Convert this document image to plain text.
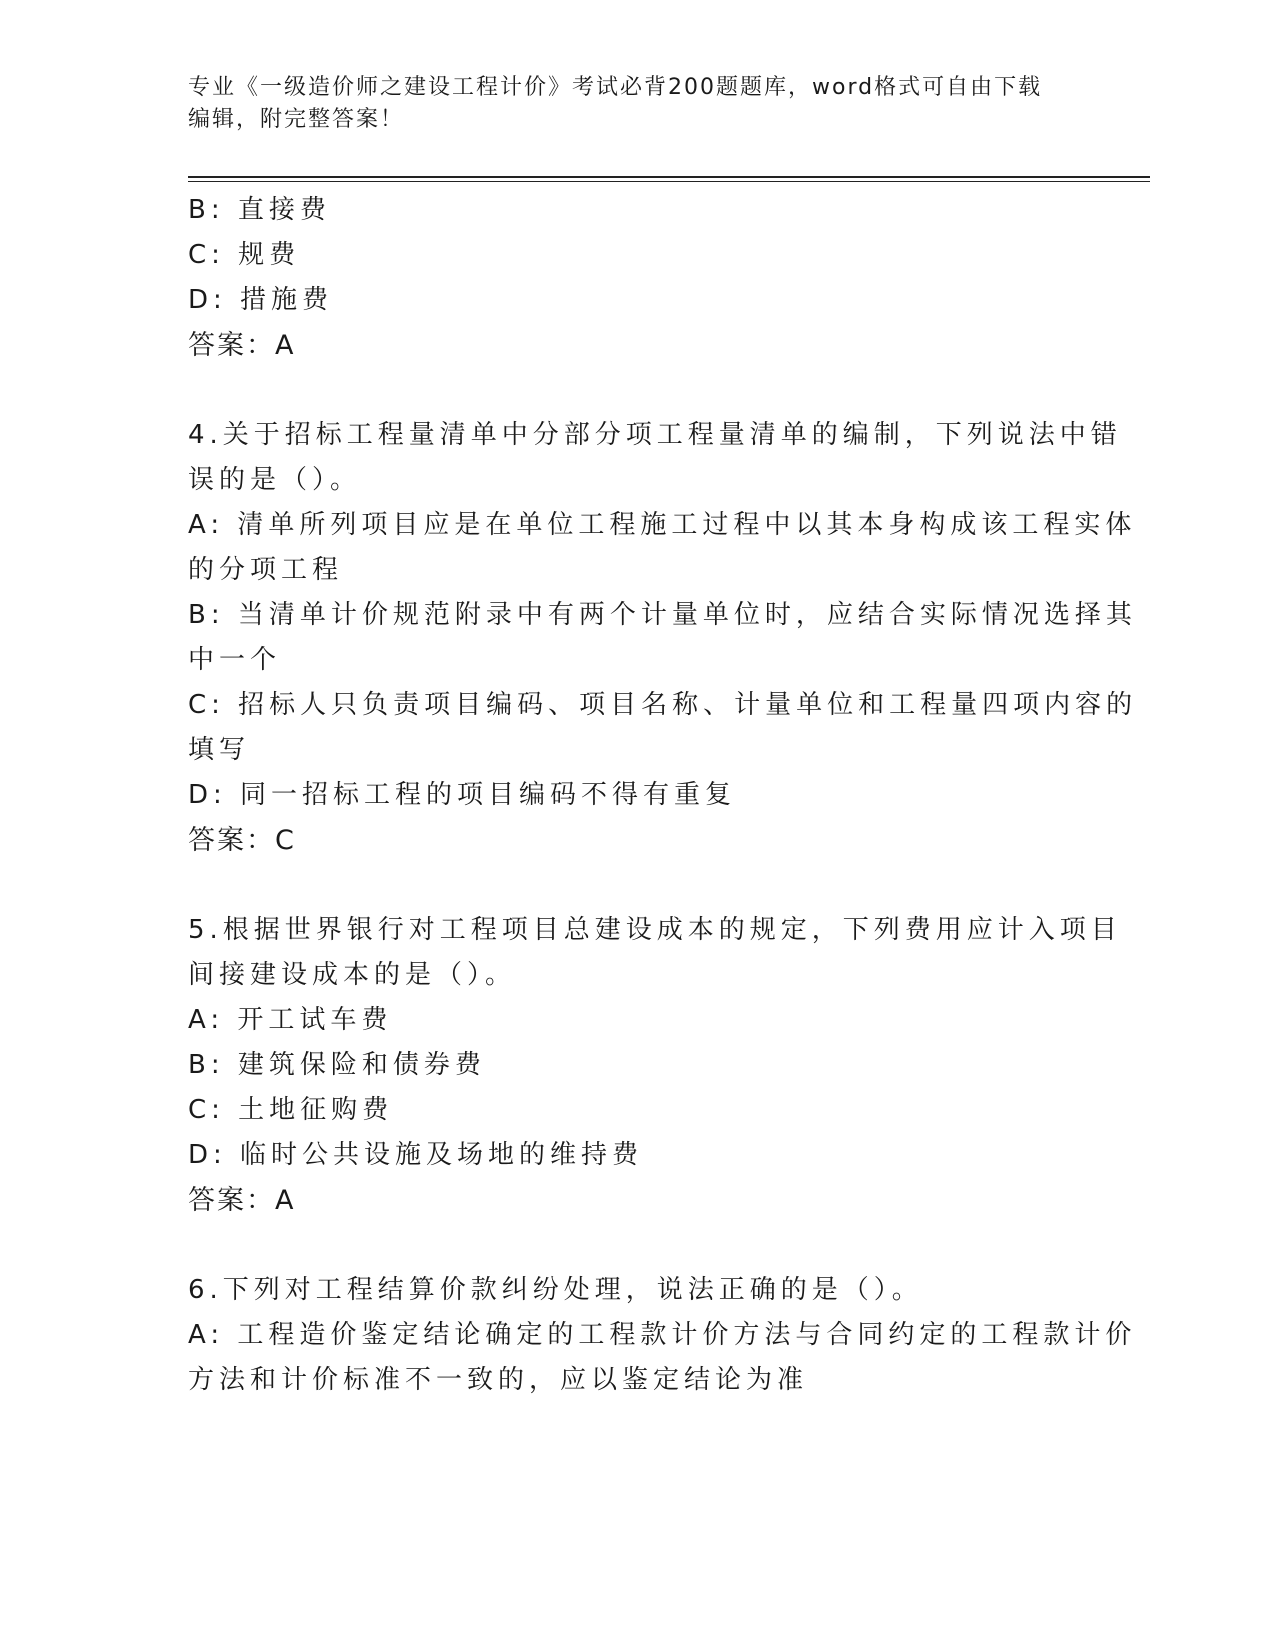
专业《一级造价师之建设工程计价》考试必背200题题库，word格式可自由下载
编辑，附完整答案！
B: 直接费
C: 规费
D: 措施费
答案：A
4.关于招标工程量清单中分部分项工程量清单的编制，下列说法中错
误的是（）。
A: 清单所列项目应是在单位工程施工过程中以其本身构成该工程实体
的分项工程
B: 当清单计价规范附录中有两个计量单位时，应结合实际情况选择其
中一个
C: 招标人只负责项目编码、项目名称、计量单位和工程量四项内容的
填写
D: 同一招标工程的项目编码不得有重复
答案：C
5.根据世界银行对工程项目总建设成本的规定，下列费用应计入项目
间接建设成本的是（）。
A: 开工试车费
B: 建筑保险和债券费
C: 土地征购费
D: 临时公共设施及场地的维持费
答案：A
6.下列对工程结算价款纠纷处理，说法正确的是（）。
A: 工程造价鉴定结论确定的工程款计价方法与合同约定的工程款计价
方法和计价标准不一致的，应以鉴定结论为准
